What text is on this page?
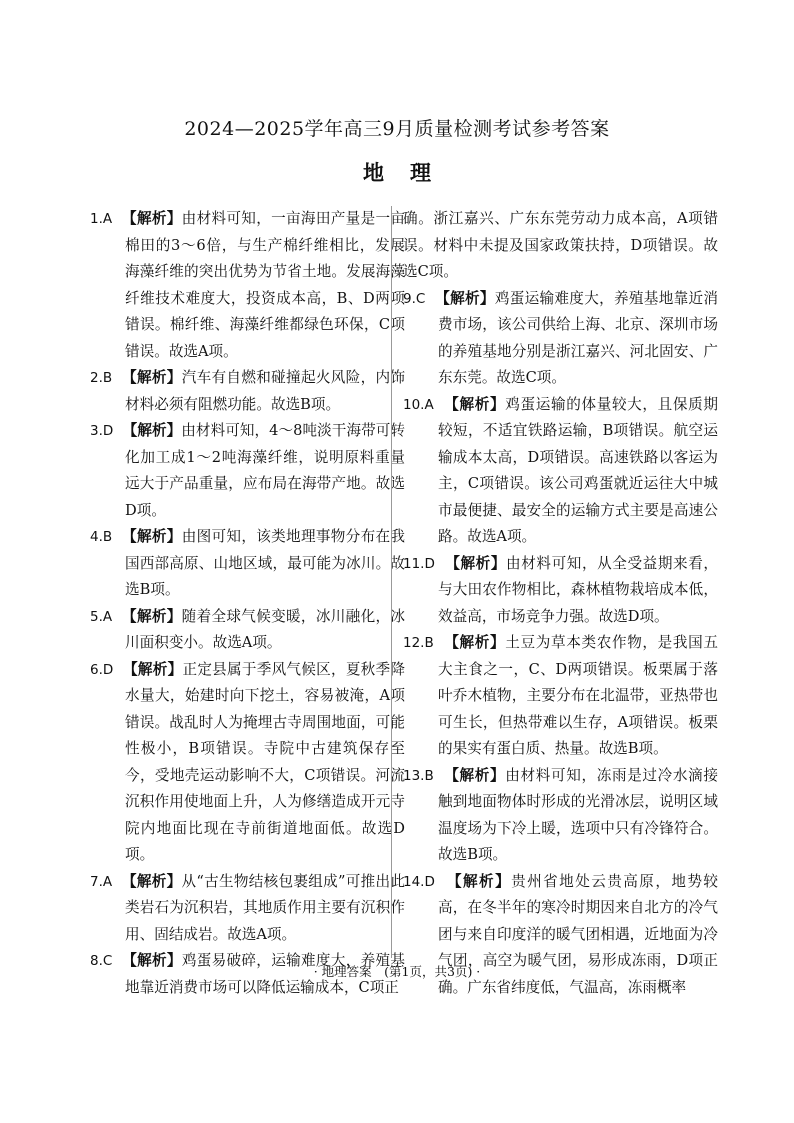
2024—2025学年高三9月质量检测考试参考答案
地理

1.A 【解析】由材料可知，一亩海田产量是一亩棉田的3～6倍，与生产棉纤维相比，发展海藻纤维的突出优势为节省土地。发展海藻纤维技术难度大，投资成本高，B、D两项错误。棉纤维、海藻纤维都绿色环保，C项错误。故选A项。

2.B 【解析】汽车有自燃和碰撞起火风险，内饰材料必须有阻燃功能。故选B项。

3.D 【解析】由材料可知，4～8吨淡干海带可转化加工成1～2吨海藻纤维，说明原料重量远大于产品重量，应布局在海带产地。故选D项。

4.B 【解析】由图可知，该类地理事物分布在我国西部高原、山地区域，最可能为冰川。故选B项。

5.A 【解析】随着全球气候变暖，冰川融化，冰川面积变小。故选A项。

6.D 【解析】正定县属于季风气候区，夏秋季降水量大，始建时向下挖土，容易被淹，A项错误。战乱时人为掩埋古寺周围地面，可能性极小，B项错误。寺院中古建筑保存至今，受地壳运动影响不大，C项错误。河流沉积作用使地面上升，人为修缮造成开元寺院内地面比现在寺前街道地面低。故选D项。

7.A 【解析】从“古生物结核包裹组成”可推出此类岩石为沉积岩，其地质作用主要有沉积作用、固结成岩。故选A项。

8.C 【解析】鸡蛋易破碎，运输难度大，养殖基地靠近消费市场可以降低运输成本，C项正

确。浙江嘉兴、广东东莞劳动力成本高，A项错误。材料中未提及国家政策扶持，D项错误。故选C项。

9.C 【解析】鸡蛋运输难度大，养殖基地靠近消费市场，该公司供给上海、北京、深圳市场的养殖基地分别是浙江嘉兴、河北固安、广东东莞。故选C项。

10.A 【解析】鸡蛋运输的体量较大，且保质期较短，不适宜铁路运输，B项错误。航空运输成本太高，D项错误。高速铁路以客运为主，C项错误。该公司鸡蛋就近运往大中城市最便捷、最安全的运输方式主要是高速公路。故选A项。

11.D 【解析】由材料可知，从全受益期来看，与大田农作物相比，森林植物栽培成本低，效益高，市场竞争力强。故选D项。

12.B 【解析】土豆为草本类农作物，是我国五大主食之一，C、D两项错误。板栗属于落叶乔木植物，主要分布在北温带，亚热带也可生长，但热带难以生存，A项错误。板栗的果实有蛋白质、热量。故选B项。

13.B 【解析】由材料可知，冻雨是过冷水滴接触到地面物体时形成的光滑冰层，说明区域温度场为下冷上暖，选项中只有冷锋符合。故选B项。

14.D 【解析】贵州省地处云贵高原，地势较高，在冬半年的寒冷时期因来自北方的冷气团与来自印度洋的暖气团相遇，近地面为冷气团，高空为暖气团，易形成冻雨，D项正确。广东省纬度低，气温高，冻雨概率

· 地理答案　(第1页，共3页) ·
